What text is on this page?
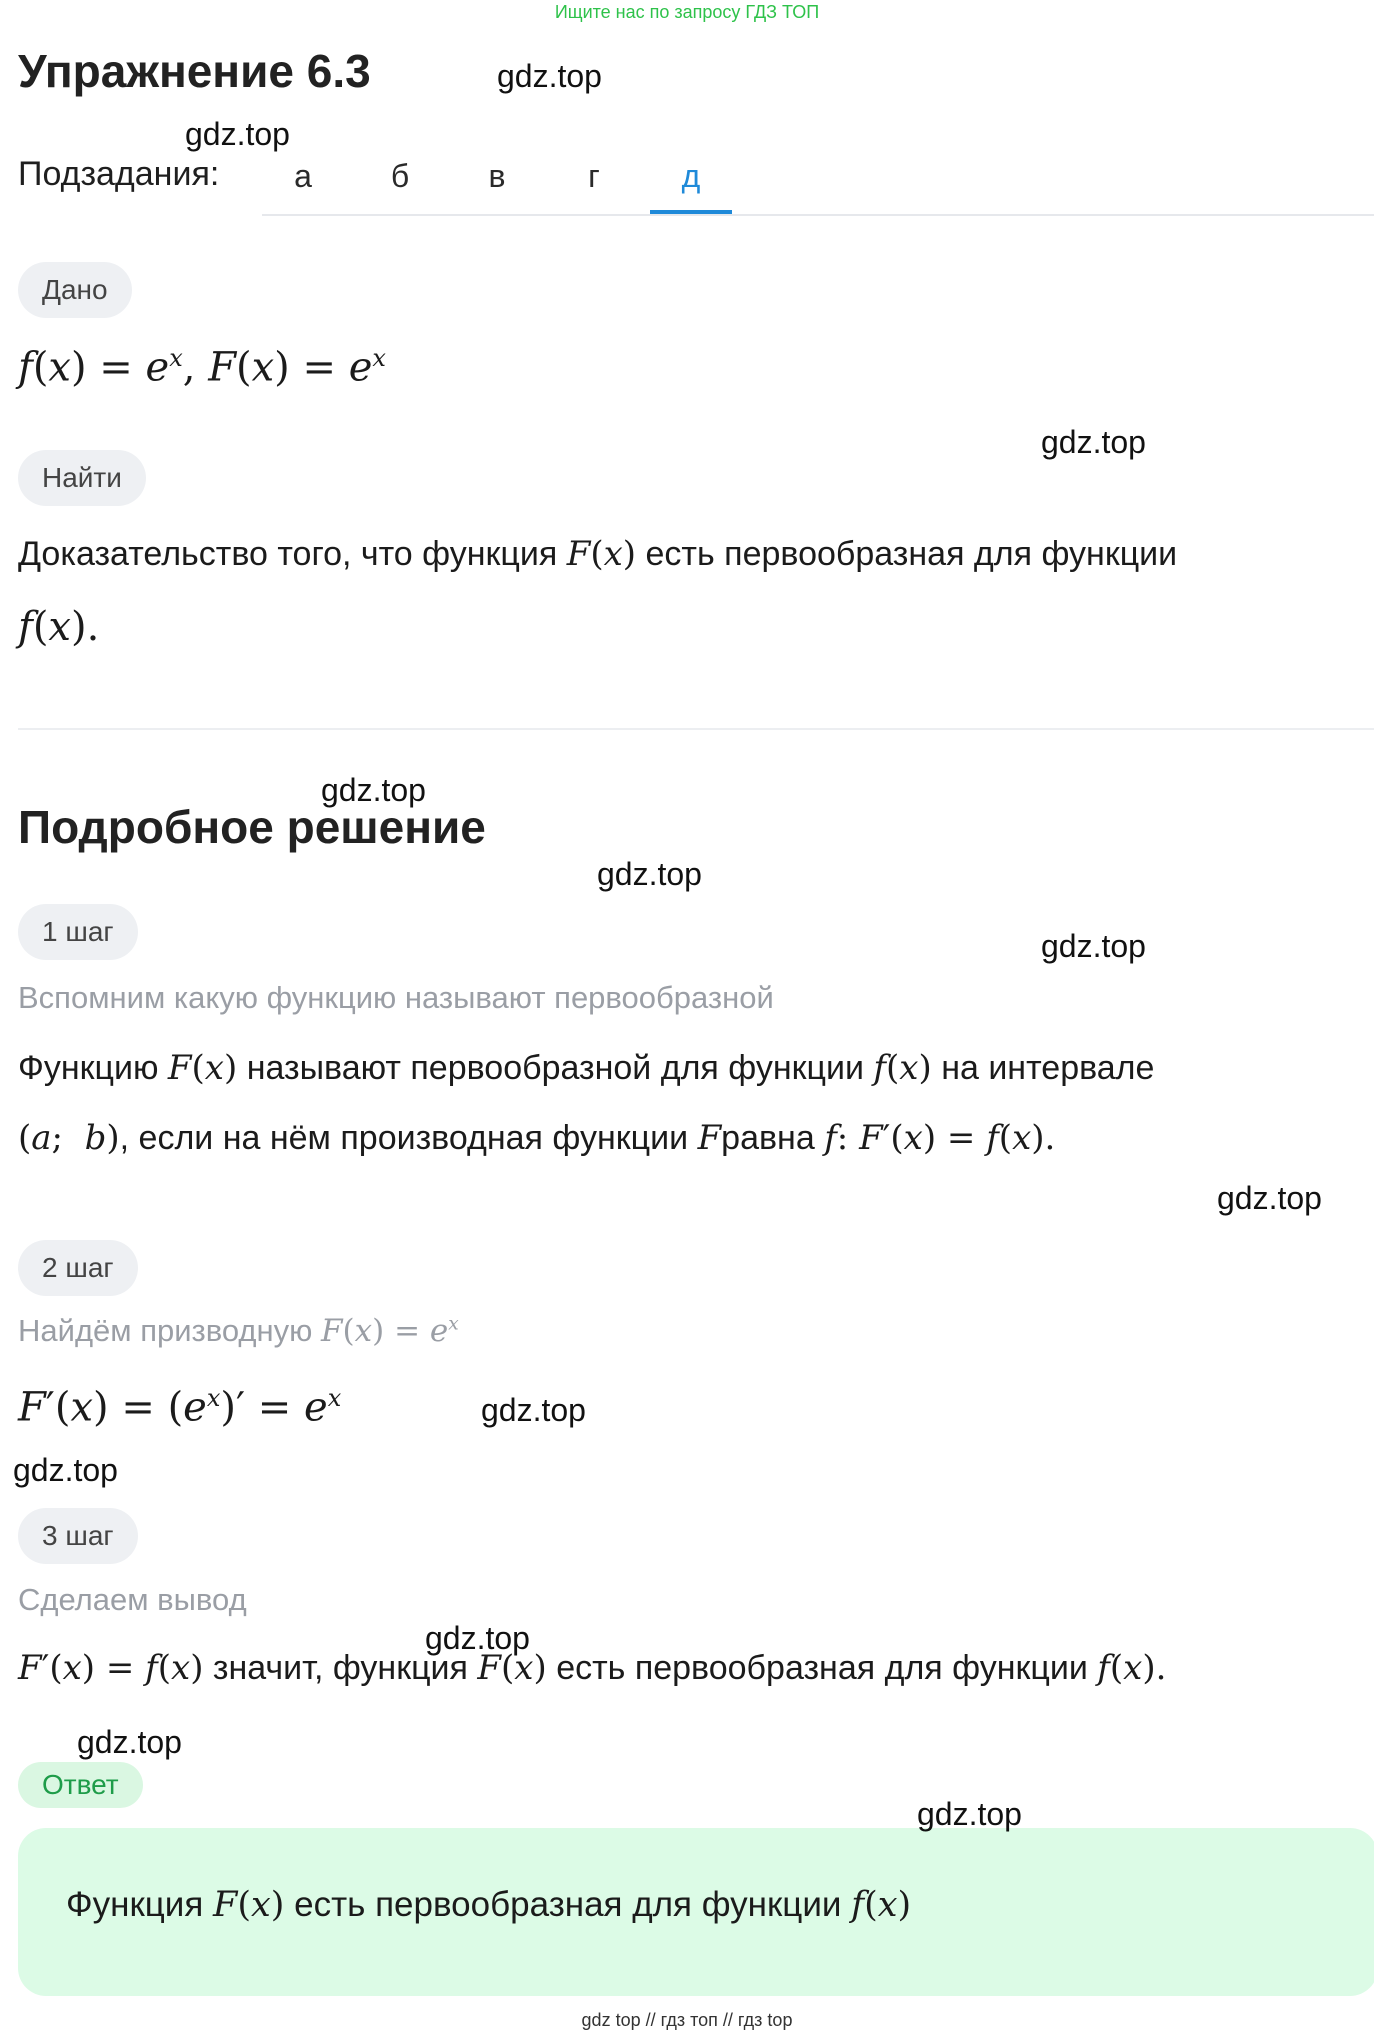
Ищите нас по запросу ГДЗ ТОП
Упражнение 6.3
Подзадания:	а	б	в	г	д
Дано
$f(x) = e^x$, $F(x) = e^x$
Найти
Доказательство того, что функция F(x) есть первообразная для функции
f(x).
Подробное решение
1 шаг
Вспомним какую функцию называют первообразной
Функцию F(x) называют первообразной для функции f(x) на интервале
(a;  b), если на нём производная функции Fравна f: F′(x) = f(x).
2 шаг
Найдём призводную $F(x) = e^x$
$F'(x) = (e^x)' = e^x$
3 шаг
Сделаем вывод
F′(x) = f(x) значит, функция F(x) есть первообразная для функции f(x).
Ответ
Функция F(x) есть первообразная для функции f(x)
gdz.top
gdz.top
gdz.top
gdz.top
gdz.top
gdz.top
gdz.top
gdz.top
gdz.top
gdz.top
gdz.top
gdz.top
gdz top // гдз топ // гдз top
